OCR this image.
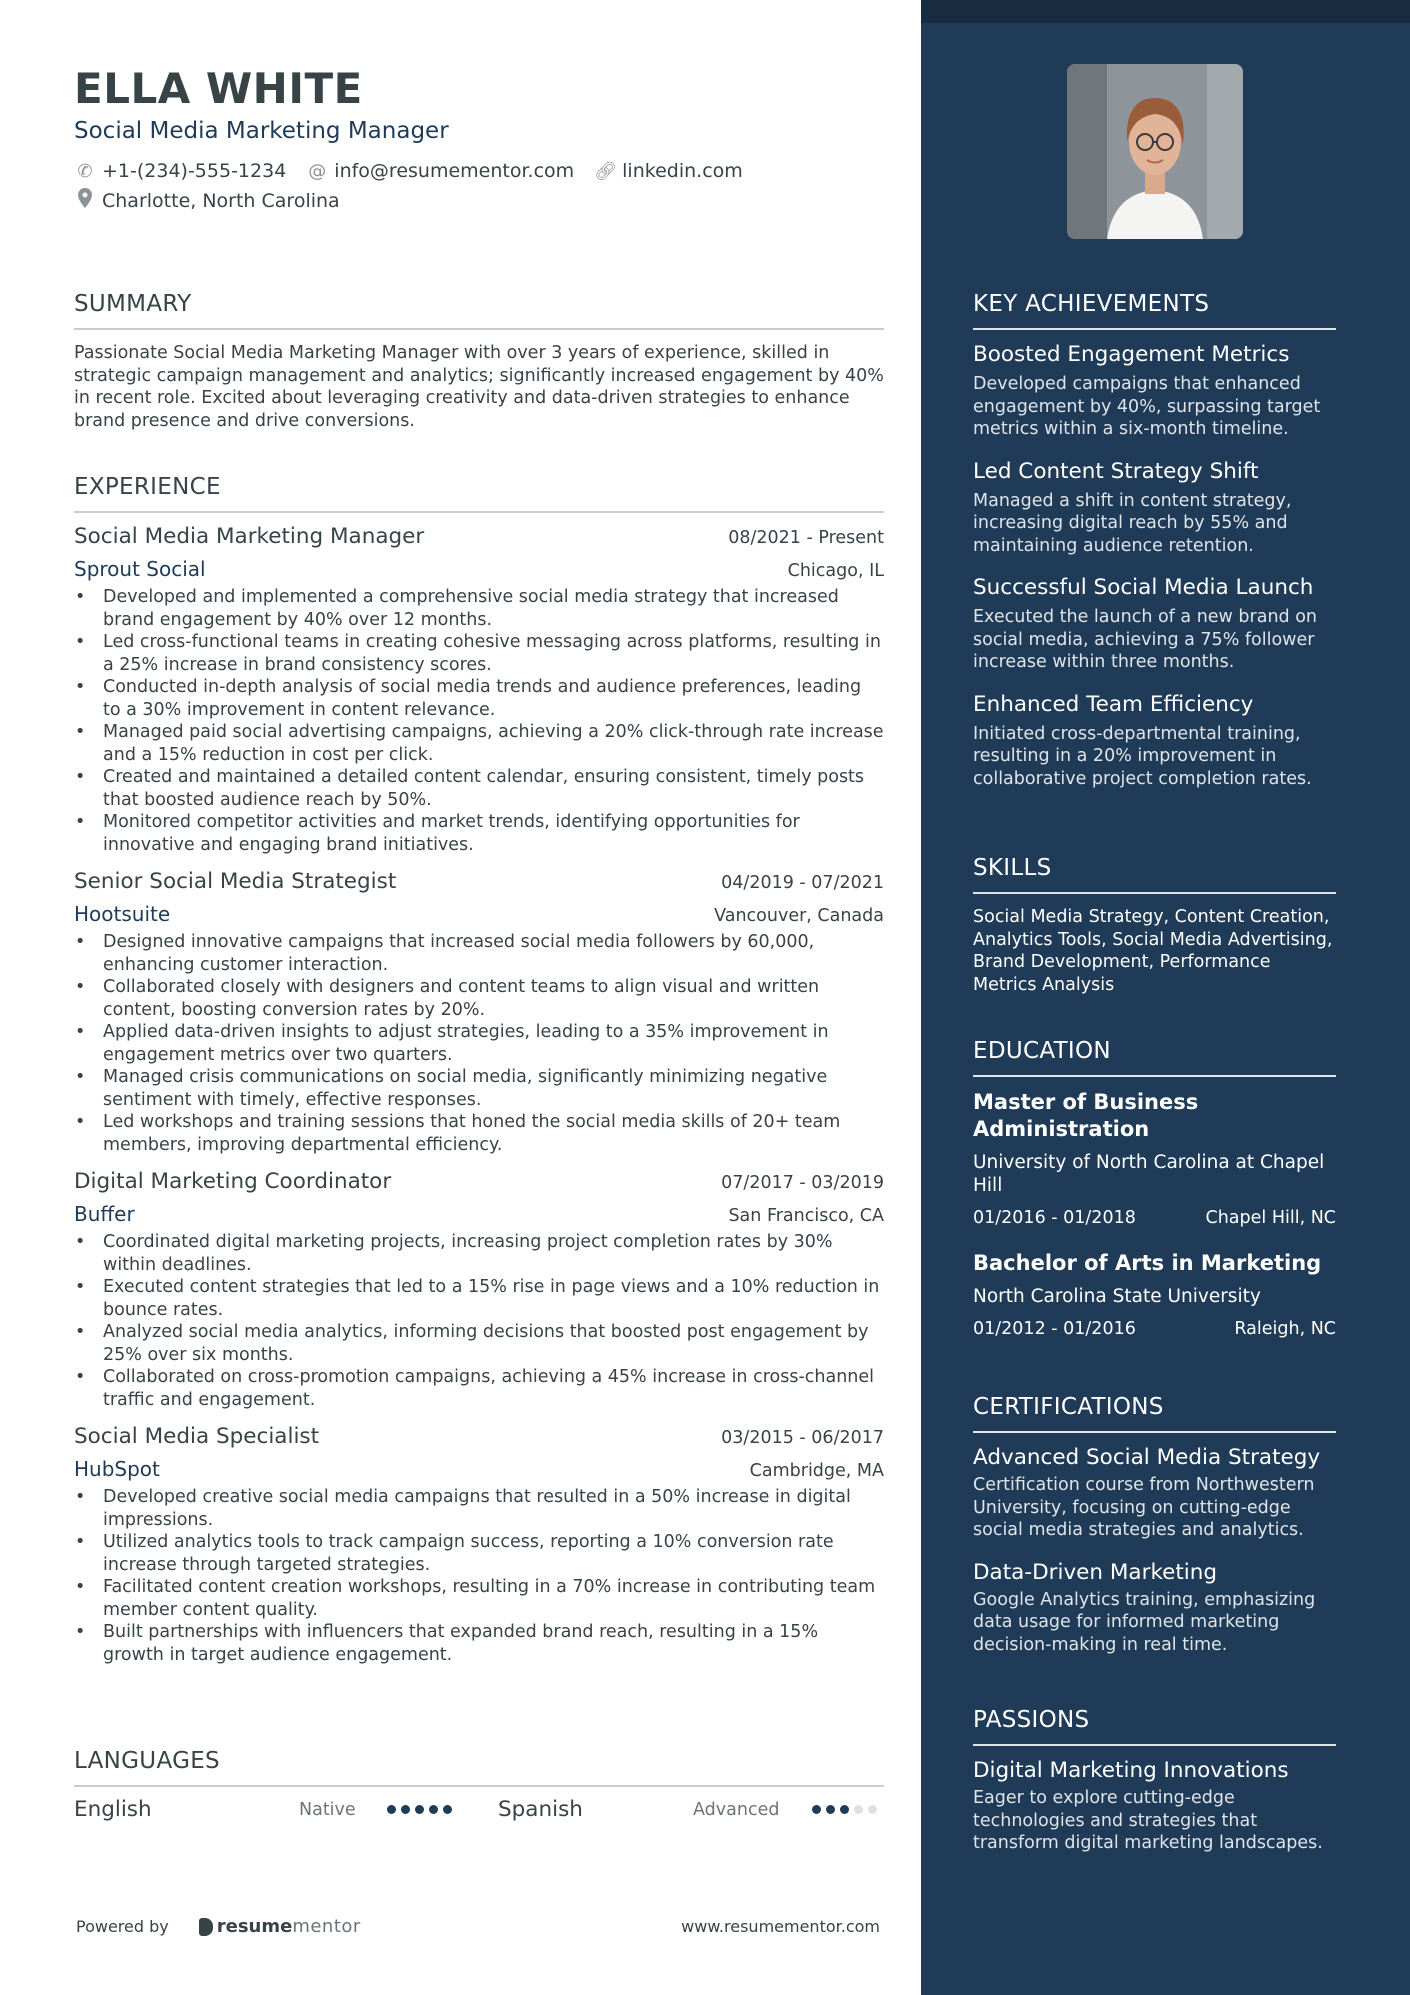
ELLA WHITE
Social Media Marketing Manager
✆ +1-(234)-555-1234 @ info@resumementor.com 🔗︎ linkedin.com
Charlotte, North Carolina
SUMMARY
Passionate Social Media Marketing Manager with over 3 years of experience, skilled in strategic campaign management and analytics; significantly increased engagement by 40% in recent role. Excited about leveraging creativity and data-driven strategies to enhance brand presence and drive conversions.
EXPERIENCE
Social Media Marketing Manager	08/2021 - Present
Sprout Social	Chicago, IL
• Developed and implemented a comprehensive social media strategy that increased brand engagement by 40% over 12 months.
• Led cross-functional teams in creating cohesive messaging across platforms, resulting in a 25% increase in brand consistency scores.
• Conducted in-depth analysis of social media trends and audience preferences, leading to a 30% improvement in content relevance.
• Managed paid social advertising campaigns, achieving a 20% click-through rate increase and a 15% reduction in cost per click.
• Created and maintained a detailed content calendar, ensuring consistent, timely posts that boosted audience reach by 50%.
• Monitored competitor activities and market trends, identifying opportunities for innovative and engaging brand initiatives.
Senior Social Media Strategist	04/2019 - 07/2021
Hootsuite	Vancouver, Canada
• Designed innovative campaigns that increased social media followers by 60,000, enhancing customer interaction.
• Collaborated closely with designers and content teams to align visual and written content, boosting conversion rates by 20%.
• Applied data-driven insights to adjust strategies, leading to a 35% improvement in engagement metrics over two quarters.
• Managed crisis communications on social media, significantly minimizing negative sentiment with timely, effective responses.
• Led workshops and training sessions that honed the social media skills of 20+ team members, improving departmental efficiency.
Digital Marketing Coordinator	07/2017 - 03/2019
Buffer	San Francisco, CA
• Coordinated digital marketing projects, increasing project completion rates by 30% within deadlines.
• Executed content strategies that led to a 15% rise in page views and a 10% reduction in bounce rates.
• Analyzed social media analytics, informing decisions that boosted post engagement by 25% over six months.
• Collaborated on cross-promotion campaigns, achieving a 45% increase in cross-channel traffic and engagement.
Social Media Specialist	03/2015 - 06/2017
HubSpot	Cambridge, MA
• Developed creative social media campaigns that resulted in a 50% increase in digital impressions.
• Utilized analytics tools to track campaign success, reporting a 10% conversion rate increase through targeted strategies.
• Facilitated content creation workshops, resulting in a 70% increase in contributing team member content quality.
• Built partnerships with influencers that expanded brand reach, resulting in a 15% growth in target audience engagement.
LANGUAGES
English	Native	Spanish	Advanced
Powered by	resume mentor	www.resumementor.com
KEY ACHIEVEMENTS
Boosted Engagement Metrics
Developed campaigns that enhanced engagement by 40%, surpassing target metrics within a six-month timeline.
Led Content Strategy Shift
Managed a shift in content strategy, increasing digital reach by 55% and maintaining audience retention.
Successful Social Media Launch
Executed the launch of a new brand on social media, achieving a 75% follower increase within three months.
Enhanced Team Efficiency
Initiated cross-departmental training, resulting in a 20% improvement in collaborative project completion rates.
SKILLS
Social Media Strategy, Content Creation, Analytics Tools, Social Media Advertising, Brand Development, Performance Metrics Analysis
EDUCATION
Master of Business Administration
University of North Carolina at Chapel Hill
01/2016 - 01/2018	Chapel Hill, NC
Bachelor of Arts in Marketing
North Carolina State University
01/2012 - 01/2016	Raleigh, NC
CERTIFICATIONS
Advanced Social Media Strategy
Certification course from Northwestern University, focusing on cutting-edge social media strategies and analytics.
Data-Driven Marketing
Google Analytics training, emphasizing data usage for informed marketing decision-making in real time.
PASSIONS
Digital Marketing Innovations
Eager to explore cutting-edge technologies and strategies that transform digital marketing landscapes.
